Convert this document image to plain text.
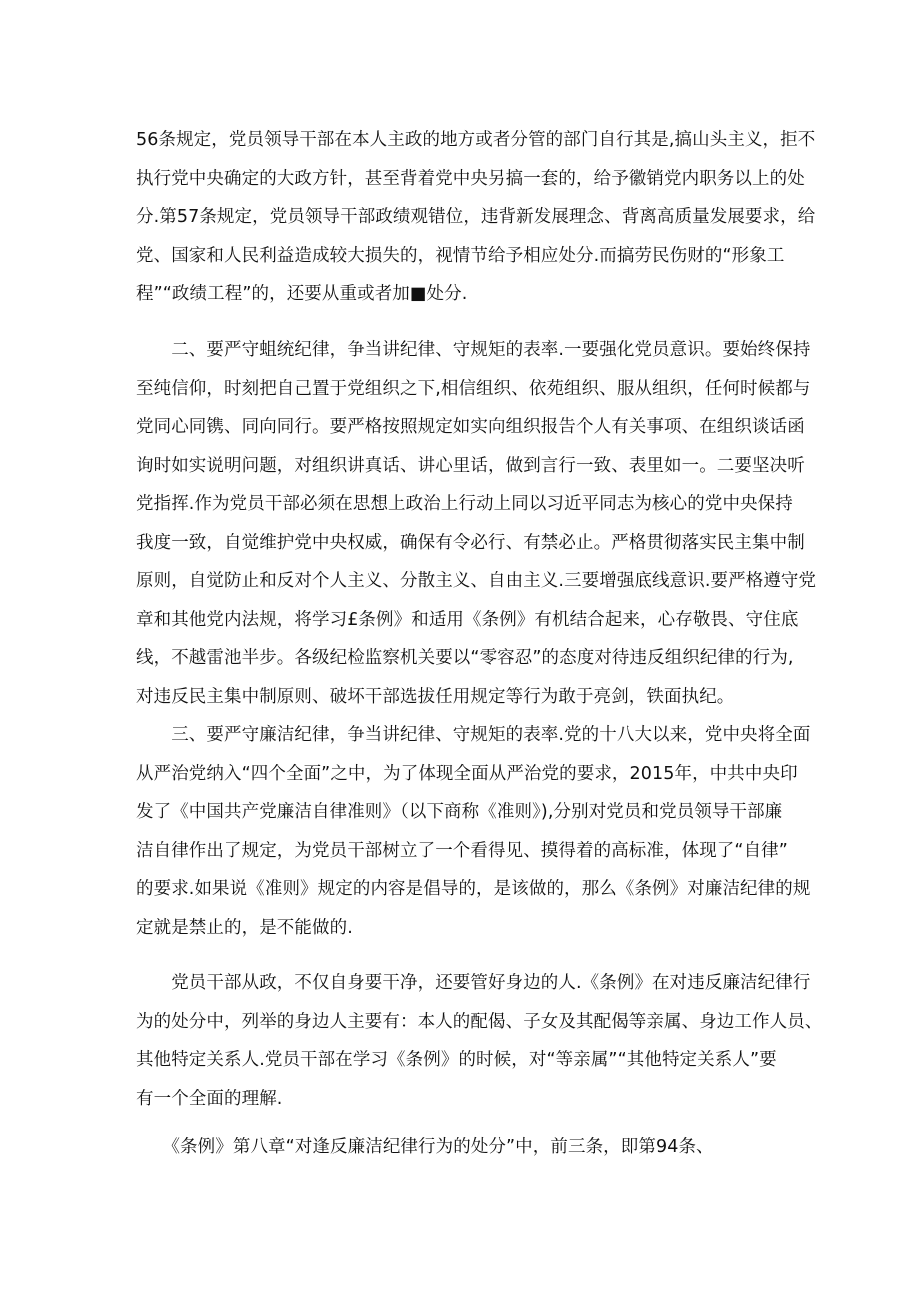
56条规定，党员领导干部在本人主政的地方或者分管的部门自行其是,搞山头主义，拒不
执行党中央确定的大政方针，甚至背着党中央另搞一套的，给予徽销党内职务以上的处
分.第57条规定，党员领导干部政绩观错位，违背新发展理念、背离高质量发展要求，给
党、国家和人民利益造成较大损失的，视情节给予相应处分.而搞劳民伤财的“形象工
程”“政绩工程”的，还要从重或者加■处分.
　　二、要严守蛆统纪律，争当讲纪律、守规矩的表率.一要强化党员意识。要始终保持
至纯信仰，时刻把自己置于党组织之下,相信组织、依苑组织、服从组织，任何时候都与
党同心同镌、同向同行。要严格按照规定如实向组织报告个人有关事项、在组织谈话函
询时如实说明问题，对组织讲真话、讲心里话，做到言行一致、表里如一。二要坚决听
党指挥.作为党员干部必须在思想上政治上行动上同以习近平同志为核心的党中央保持
我度一致，自觉维护党中央权威，确保有令必行、有禁必止。严格贯彻落实民主集中制
原则，自觉防止和反对个人主义、分散主义、自由主义.三要增强底线意识.要严格遵守党
章和其他党内法规，将学习£条例》和适用《条例》有机结合起来，心存敬畏、守住底
线，不越雷池半步。各级纪检监察机关要以“零容忍”的态度对待违反组织纪律的行为,
对违反民主集中制原则、破坏干部选拔任用规定等行为敢于亮剑，铁面执纪。
　　三、要严守廉洁纪律，争当讲纪律、守规矩的表率.党的十八大以来，党中央将全面
从严治党纳入“四个全面”之中，为了体现全面从严治党的要求，2015年，中共中央印
发了《中国共产党廉洁自律准则》（以下商称《准则》),分别对党员和党员领导干部廉
洁自律作出了规定，为党员干部树立了一个看得见、摸得着的高标准，体现了“自律”
的要求.如果说《准则》规定的内容是倡导的，是该做的，那么《条例》对廉洁纪律的规
定就是禁止的，是不能做的.
　　党员干部从政，不仅自身要干净，还要管好身边的人.《条例》在对违反廉洁纪律行
为的处分中，列举的身边人主要有：本人的配偈、子女及其配偈等亲属、身边工作人员、
其他特定关系人.党员干部在学习《条例》的时候，对“等亲属”“其他特定关系人”要
有一个全面的理解.
　　《条例》第八章“对逢反廉洁纪律行为的处分”中，前三条，即第94条、
